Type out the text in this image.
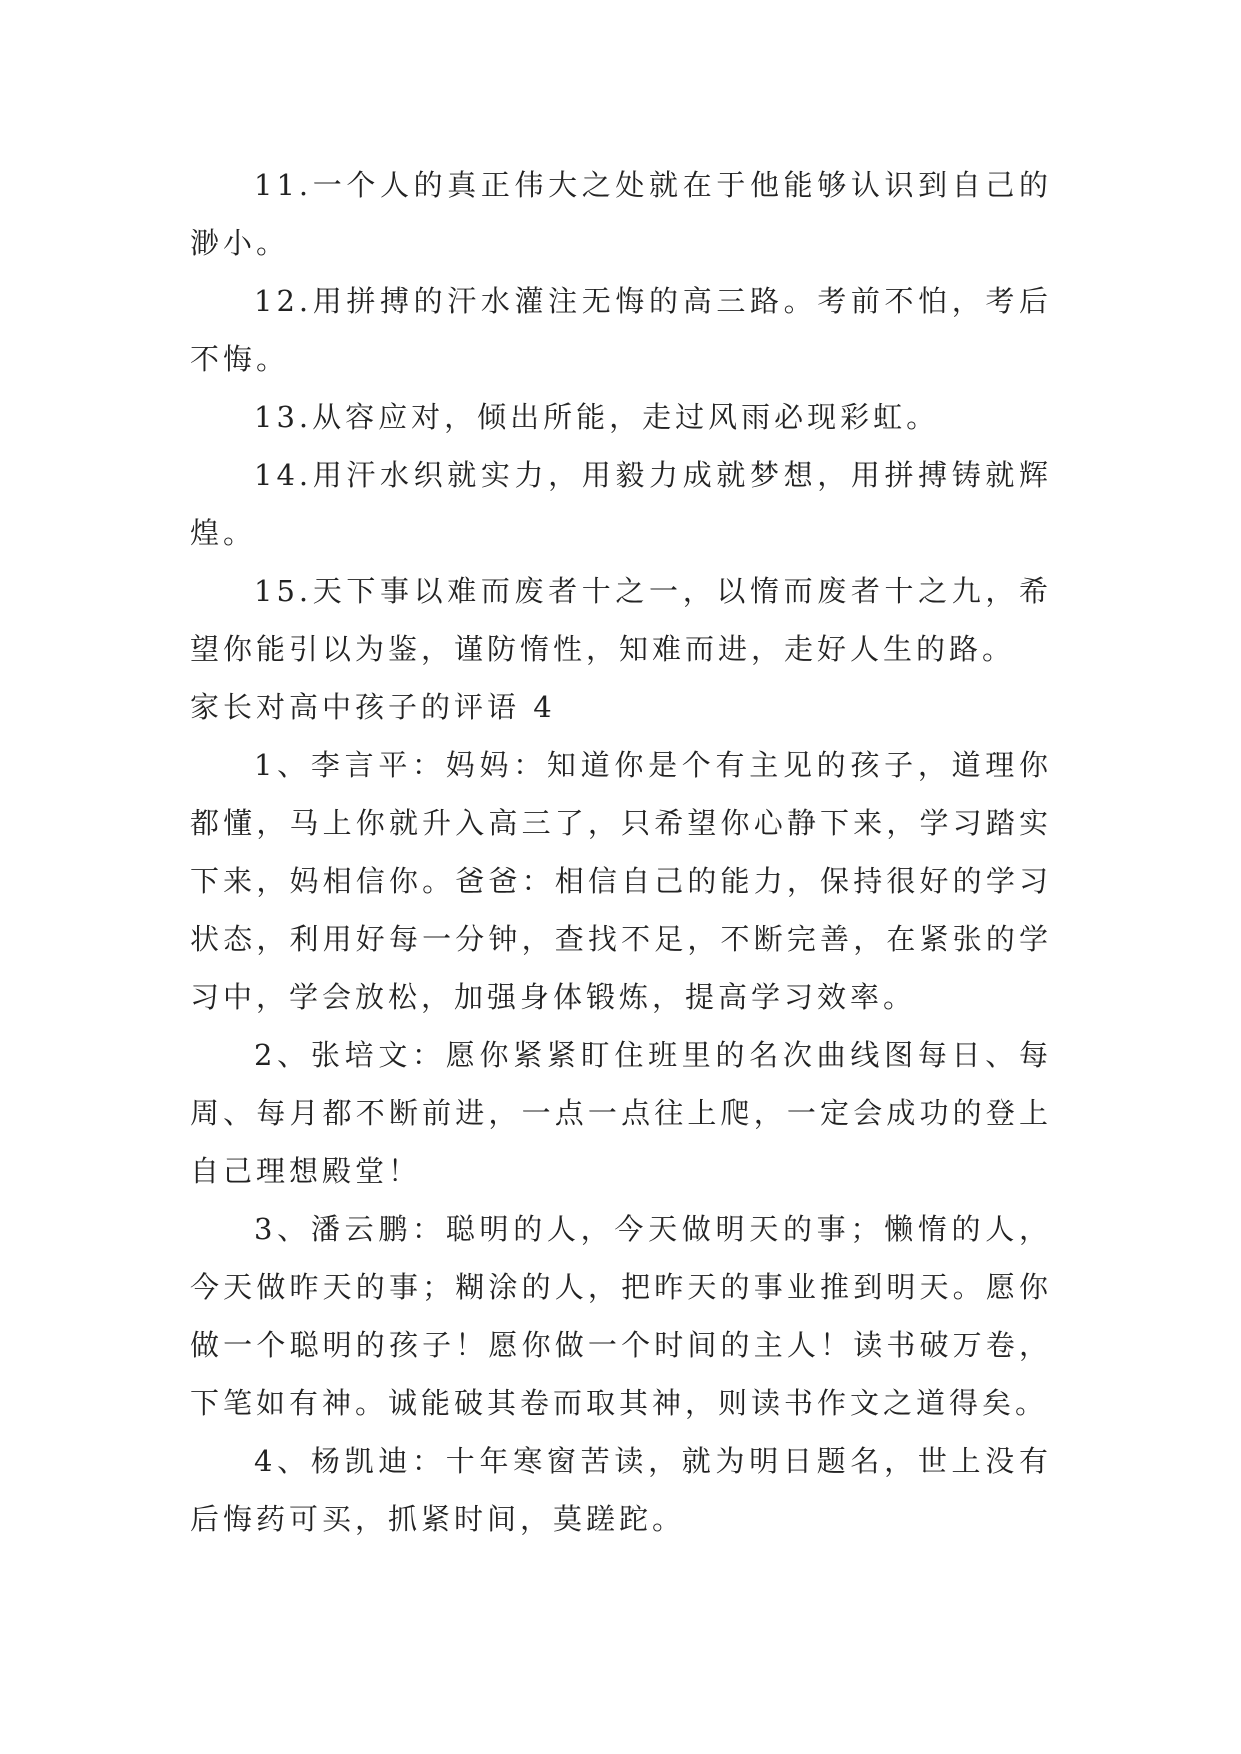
11.一个人的真正伟大之处就在于他能够认识到自己的渺小。

12.用拼搏的汗水灌注无悔的高三路。考前不怕，考后不悔。

13.从容应对，倾出所能，走过风雨必现彩虹。

14.用汗水织就实力，用毅力成就梦想，用拼搏铸就辉煌。

15.天下事以难而废者十之一，以惰而废者十之九，希望你能引以为鉴，谨防惰性，知难而进，走好人生的路。

家长对高中孩子的评语 4

1、李言平：妈妈：知道你是个有主见的孩子，道理你都懂，马上你就升入高三了，只希望你心静下来，学习踏实下来，妈相信你。爸爸：相信自己的能力，保持很好的学习状态，利用好每一分钟，查找不足，不断完善，在紧张的学习中，学会放松，加强身体锻炼，提高学习效率。

2、张培文：愿你紧紧盯住班里的名次曲线图每日、每周、每月都不断前进，一点一点往上爬，一定会成功的登上自己理想殿堂！

3、潘云鹏：聪明的人，今天做明天的事；懒惰的人，今天做昨天的事；糊涂的人，把昨天的事业推到明天。愿你做一个聪明的孩子！愿你做一个时间的主人！读书破万卷，下笔如有神。诚能破其卷而取其神，则读书作文之道得矣。

4、杨凯迪：十年寒窗苦读，就为明日题名，世上没有后悔药可买，抓紧时间，莫蹉跎。
